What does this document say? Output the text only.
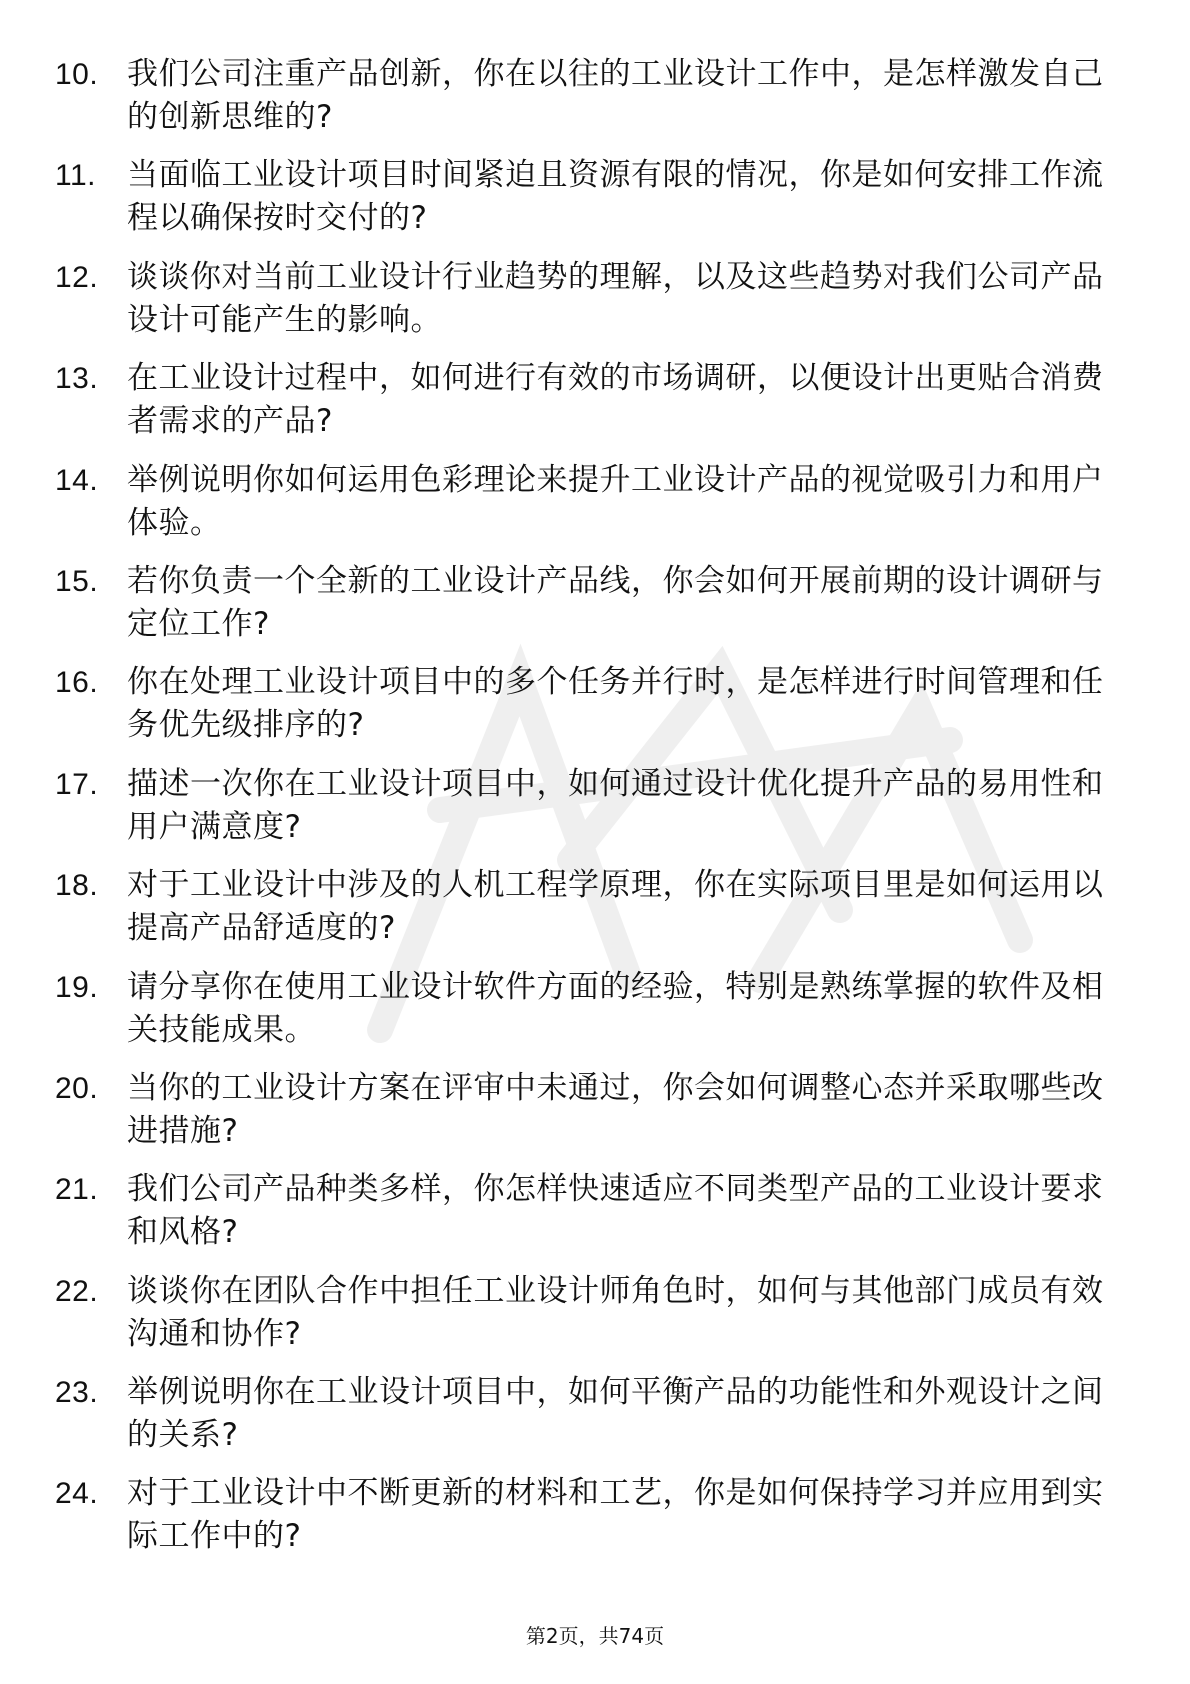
10. 我们公司注重产品创新，你在以往的工业设计工作中，是怎样激发自己的创新思维的?
11.	当面临工业设计项目时间紧迫且资源有限的情况，你是如何安排工作流程以确保按时交付的?
12. 谈谈你对当前工业设计行业趋势的理解，以及这些趋势对我们公司产品设计可能产生的影响。
13. 在工业设计过程中，如何进行有效的市场调研，以便设计出更贴合消费者需求的产品?
14. 举例说明你如何运用色彩理论来提升工业设计产品的视觉吸引力和用户体验。
15. 若你负责一个全新的工业设计产品线，你会如何开展前期的设计调研与定位工作?
16. 你在处理工业设计项目中的多个任务并行时，是怎样进行时间管理和任务优先级排序的?
17. 描述一次你在工业设计项目中，如何通过设计优化提升产品的易用性和用户满意度?
18. 对于工业设计中涉及的人机工程学原理，你在实际项目里是如何运用以提高产品舒适度的?
19. 请分享你在使用工业设计软件方面的经验，特别是熟练掌握的软件及相关技能成果。
20. 当你的工业设计方案在评审中未通过，你会如何调整心态并采取哪些改进措施?
21. 我们公司产品种类多样，你怎样快速适应不同类型产品的工业设计要求和风格?
22. 谈谈你在团队合作中担任工业设计师角色时，如何与其他部门成员有效沟通和协作?
23. 举例说明你在工业设计项目中，如何平衡产品的功能性和外观设计之间的关系?
24. 对于工业设计中不断更新的材料和工艺，你是如何保持学习并应用到实际工作中的?
第2页，共74页
